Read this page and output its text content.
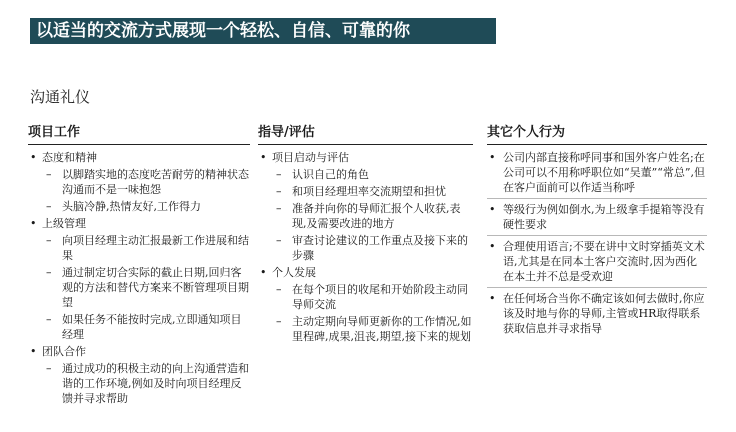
以适当的交流方式展现一个轻松、自信、可靠的你
沟通礼仪
项目工作
• 态度和精神
– 以脚踏实地的态度吃苦耐劳的精神状态沟通而不是一味抱怨
– 头脑冷静,热情友好,工作得力
• 上级管理
– 向项目经理主动汇报最新工作进展和结果
– 通过制定切合实际的截止日期,回归客观的方法和替代方案来不断管理项目期望
– 如果任务不能按时完成,立即通知项目经理
• 团队合作
– 通过成功的积极主动的向上沟通营造和谐的工作环境,例如及时向项目经理反馈并寻求帮助
指导/评估
• 项目启动与评估
– 认识自己的角色
– 和项目经理坦率交流期望和担忧
– 准备并向你的导师汇报个人收获,表现,及需要改进的地方
– 审查讨论建议的工作重点及接下来的步骤
• 个人发展
– 在每个项目的收尾和开始阶段主动同导师交流
– 主动定期向导师更新你的工作情况,如里程碑,成果,沮丧,期望,接下来的规划
其它个人行为
• 公司内部直接称呼同事和国外客户姓名;在公司可以不用称呼职位如“吴董”“常总”,但在客户面前可以作适当称呼
• 等级行为例如倒水,为上级拿手提箱等没有硬性要求
• 合理使用语言;不要在讲中文时穿插英文术语,尤其是在同本土客户交流时,因为西化在本土并不总是受欢迎
• 在任何场合当你不确定该如何去做时,你应该及时地与你的导师,主管或HR取得联系获取信息并寻求指导
